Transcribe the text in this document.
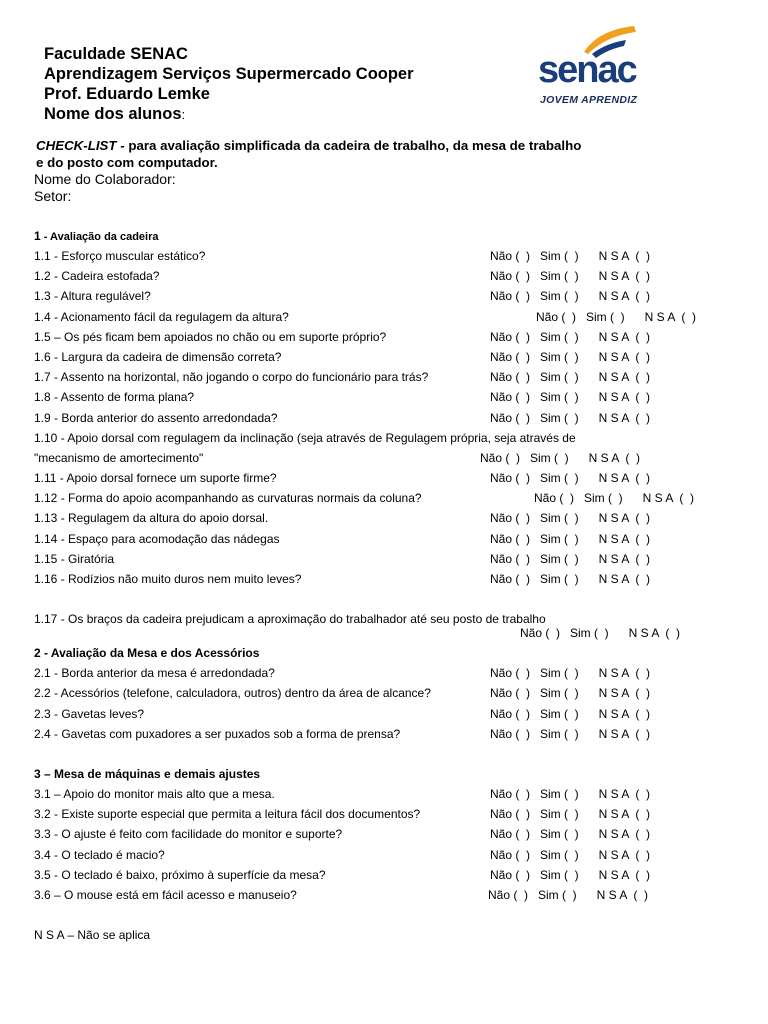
Faculdade SENAC
Aprendizagem Serviços Supermercado Cooper
Prof. Eduardo Lemke
Nome dos alunos:
senac
JOVEM APRENDIZ
CHECK-LIST - para avaliação simplificada da cadeira de trabalho, da mesa de trabalho
e do posto com computador.
Nome do Colaborador:
Setor:
1 - Avaliação da cadeira
1.1 - Esforço muscular estático?	Não (  )   Sim (  )      N S A  (  )
1.2 - Cadeira estofada?	Não (  )   Sim (  )      N S A  (  )
1.3 - Altura regulável?	Não (  )   Sim (  )      N S A  (  )
1.4 - Acionamento fácil da regulagem da altura?	Não (  )   Sim (  )      N S A  (  )
1.5 – Os pés ficam bem apoiados no chão ou em suporte próprio?	Não (  )   Sim (  )      N S A  (  )
1.6 - Largura da cadeira de dimensão correta?	Não (  )   Sim (  )      N S A  (  )
1.7 - Assento na horizontal, não jogando o corpo do funcionário para trás?	Não (  )   Sim (  )      N S A  (  )
1.8 - Assento de forma plana?	Não (  )   Sim (  )      N S A  (  )
1.9 - Borda anterior do assento arredondada?	Não (  )   Sim (  )      N S A  (  )
1.10 - Apoio dorsal com regulagem da inclinação (seja através de Regulagem própria, seja através de
"mecanismo de amortecimento"	Não (  )   Sim (  )      N S A  (  )
1.11 - Apoio dorsal fornece um suporte firme?	Não (  )   Sim (  )      N S A  (  )
1.12 - Forma do apoio acompanhando as curvaturas normais da coluna?	Não (  )   Sim (  )      N S A  (  )
1.13 - Regulagem da altura do apoio dorsal.	Não (  )   Sim (  )      N S A  (  )
1.14 - Espaço para acomodação das nádegas	Não (  )   Sim (  )      N S A  (  )
1.15 - Giratória	Não (  )   Sim (  )      N S A  (  )
1.16 - Rodízios não muito duros nem muito leves?	Não (  )   Sim (  )      N S A  (  )
1.17 - Os braços da cadeira prejudicam a aproximação do trabalhador até seu posto de trabalho
Não (  )   Sim (  )      N S A  (  )
2 - Avaliação da Mesa e dos Acessórios
2.1 - Borda anterior da mesa é arredondada?	Não (  )   Sim (  )      N S A  (  )
2.2 - Acessórios (telefone, calculadora, outros) dentro da área de alcance?	Não (  )   Sim (  )      N S A  (  )
2.3 - Gavetas leves?	Não (  )   Sim (  )      N S A  (  )
2.4 - Gavetas com puxadores a ser puxados sob a forma de prensa?	Não (  )   Sim (  )      N S A  (  )
3 – Mesa de máquinas e demais ajustes
3.1 – Apoio do monitor mais alto que a mesa.	Não (  )   Sim (  )      N S A  (  )
3.2 - Existe suporte especial que permita a leitura fácil dos documentos?	Não (  )   Sim (  )      N S A  (  )
3.3 - O ajuste é feito com facilidade do monitor e suporte?	Não (  )   Sim (  )      N S A  (  )
3.4 - O teclado é macio?	Não (  )   Sim (  )      N S A  (  )
3.5 - O teclado é baixo, próximo à superfície da mesa?	Não (  )   Sim (  )      N S A  (  )
3.6 – O mouse está em fácil acesso e manuseio?	Não (  )   Sim (  )      N S A  (  )
N S A – Não se aplica
